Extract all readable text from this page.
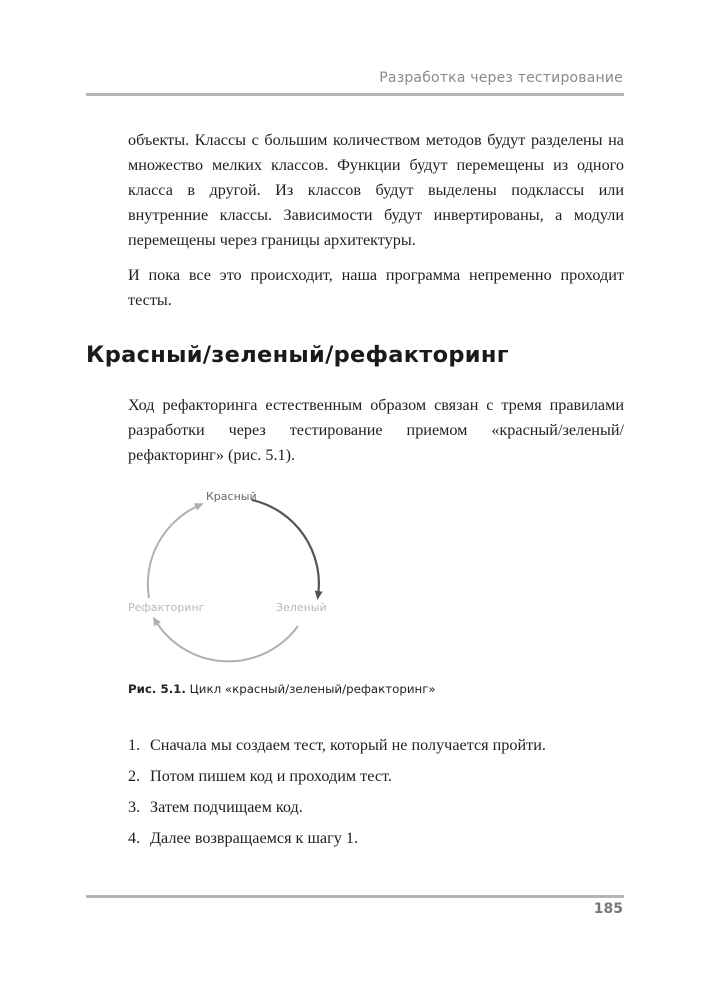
Разработка через тестирование

объекты. Классы с большим количеством методов будут разделены на множество мелких классов. Функции будут перемещены из одного класса в другой. Из классов будут выделены подклассы или внутренние классы. Зависимости будут инвертированы, а модули перемещены через границы архитектуры.

И пока все это происходит, наша программа непременно проходит тесты.

Красный/зеленый/рефакторинг

Ход рефакторинга естественным образом связан с тремя правилами разработки через тестирование приемом «красный/зеленый/рефакторинг» (рис. 5.1).

Красный
Зеленый
Рефакторинг
Рис. 5.1. Цикл «красный/зеленый/рефакторинг»
1. Сначала мы создаем тест, который не получается пройти.
2. Потом пишем код и проходим тест.
3. Затем подчищаем код.
4. Далее возвращаемся к шагу 1.
185
